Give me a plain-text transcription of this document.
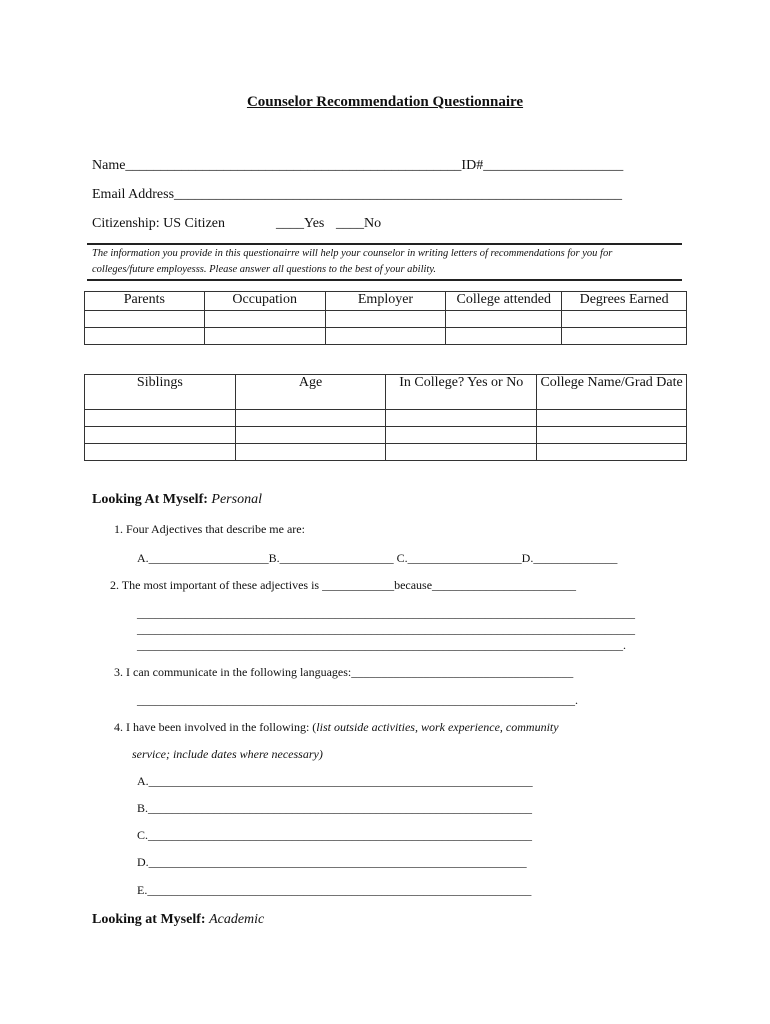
Counselor Recommendation Questionnaire
Name________________________________________________ID#____________________
Email Address________________________________________________________________
Citizenship: US Citizen	____Yes ____No
The information you provide in this questionairre will help your counselor in writing letters of recommendations for you for
colleges/future employesss. Please answer all questions to the best of your ability.
Parents	Occupation	Employer	College attended	Degrees Earned

Siblings	Age	In College? Yes or No	College Name/Grad Date

Looking At Myself: Personal
1. Four Adjectives that describe me are:
A.____________________B.___________________ C.___________________D.______________
2. The most important of these adjectives is ____________because________________________
___________________________________________________________________________________
___________________________________________________________________________________
_________________________________________________________________________________.
3. I can communicate in the following languages:_____________________________________
_________________________________________________________________________.
4. I have been involved in the following: (list outside activities, work experience, community
service; include dates where necessary)
A.________________________________________________________________
B.________________________________________________________________
C.________________________________________________________________
D._______________________________________________________________
E.________________________________________________________________
Looking at Myself: Academic
